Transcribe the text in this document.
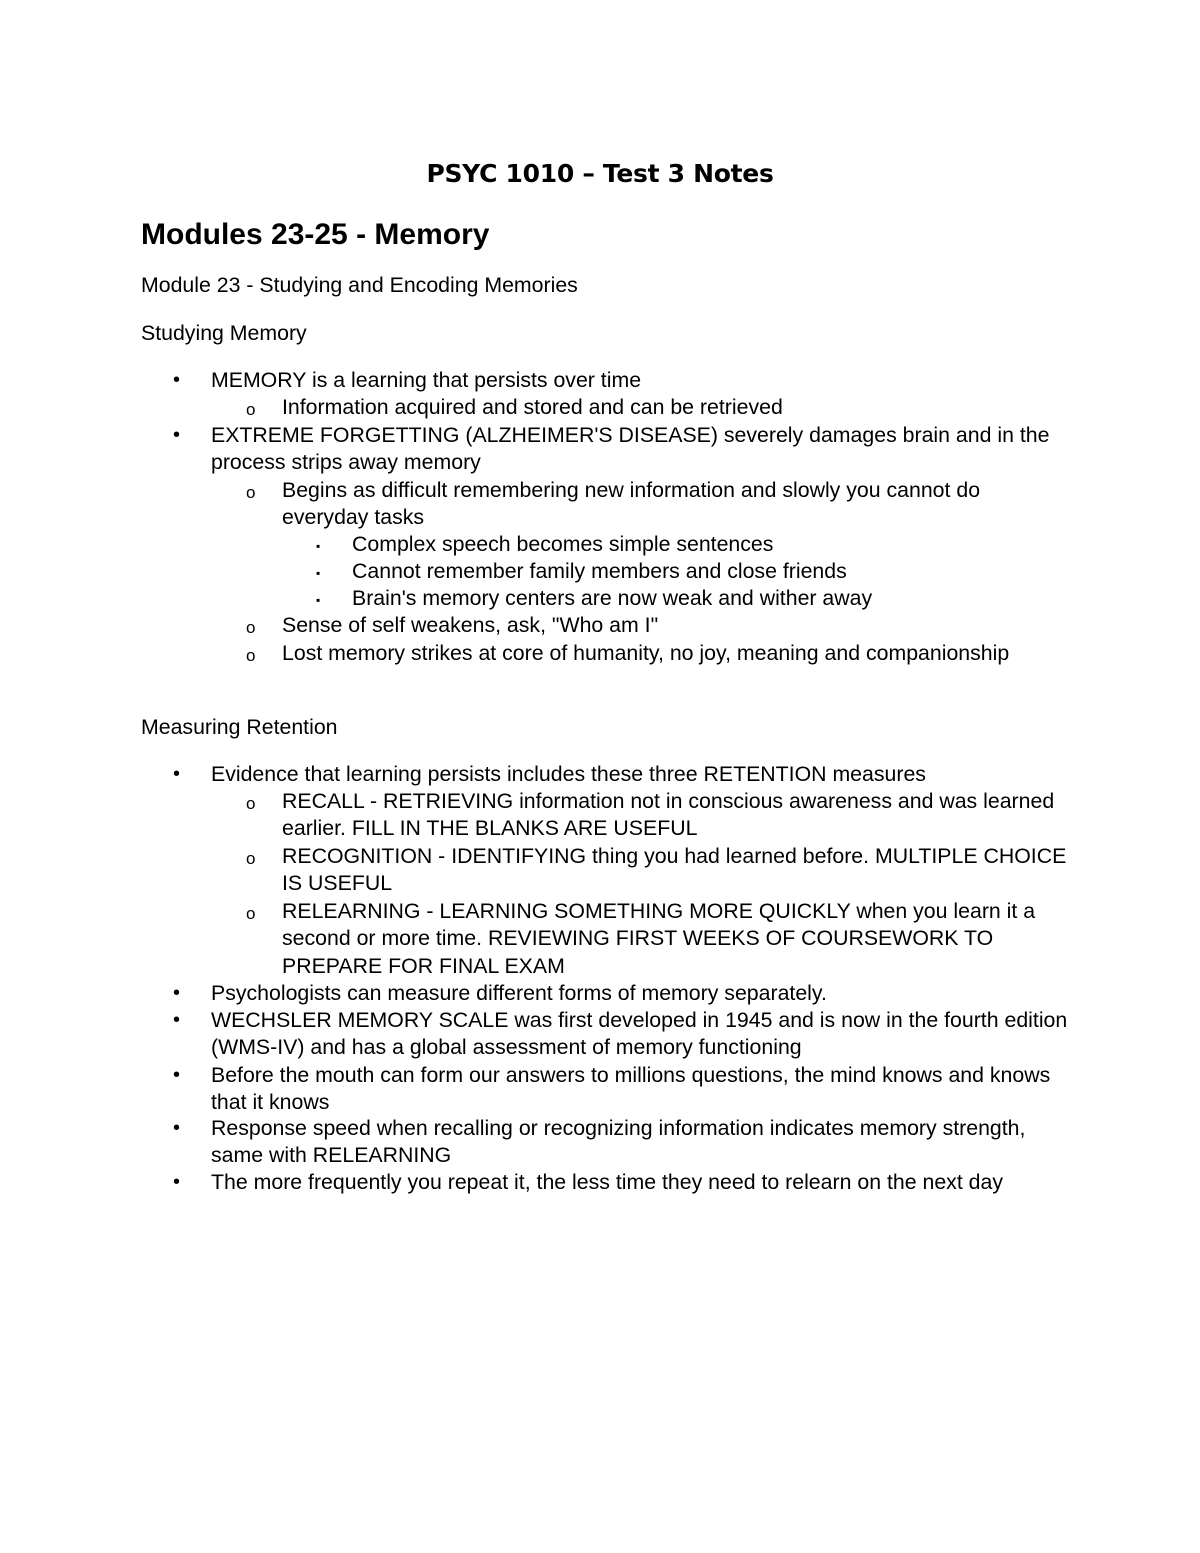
PSYC 1010 – Test 3 Notes
Modules 23-25 - Memory
Module 23 - Studying and Encoding Memories
Studying Memory
• MEMORY is a learning that persists over time
o Information acquired and stored and can be retrieved
• EXTREME FORGETTING (ALZHEIMER'S DISEASE) severely damages brain and in the process strips away memory
o Begins as difficult remembering new information and slowly you cannot do everyday tasks
▪ Complex speech becomes simple sentences
▪ Cannot remember family members and close friends
▪ Brain's memory centers are now weak and wither away
o Sense of self weakens, ask, "Who am I"
o Lost memory strikes at core of humanity, no joy, meaning and companionship
Measuring Retention
• Evidence that learning persists includes these three RETENTION measures
o RECALL - RETRIEVING information not in conscious awareness and was learned earlier. FILL IN THE BLANKS ARE USEFUL
o RECOGNITION - IDENTIFYING thing you had learned before. MULTIPLE CHOICE IS USEFUL
o RELEARNING - LEARNING SOMETHING MORE QUICKLY when you learn it a second or more time. REVIEWING FIRST WEEKS OF COURSEWORK TO PREPARE FOR FINAL EXAM
• Psychologists can measure different forms of memory separately.
• WECHSLER MEMORY SCALE was first developed in 1945 and is now in the fourth edition (WMS-IV) and has a global assessment of memory functioning
• Before the mouth can form our answers to millions questions, the mind knows and knows that it knows
• Response speed when recalling or recognizing information indicates memory strength, same with RELEARNING
• The more frequently you repeat it, the less time they need to relearn on the next day
